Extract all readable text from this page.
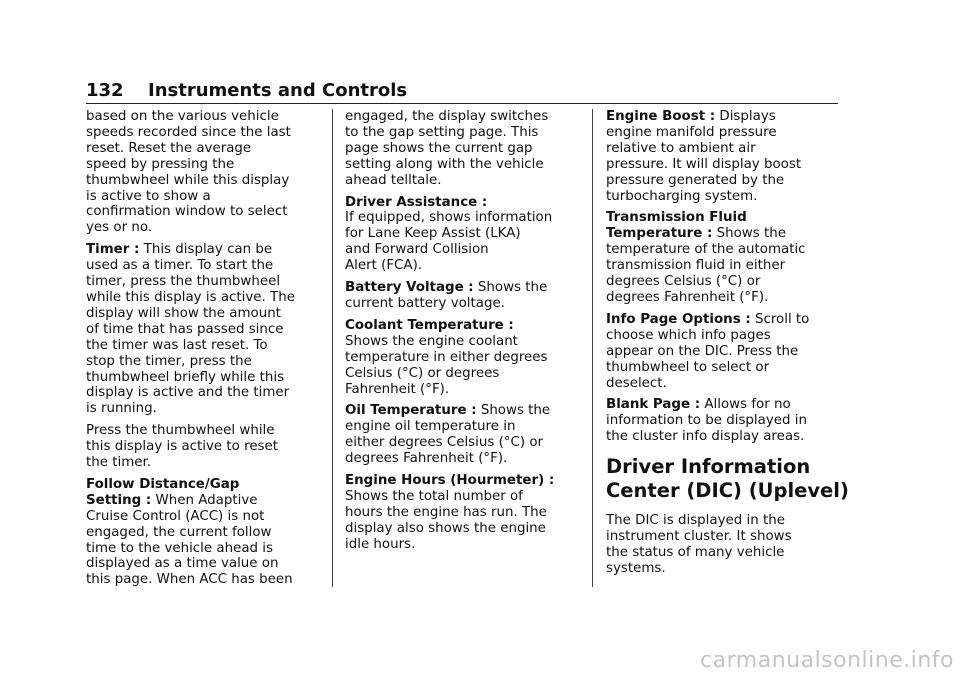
132	Instruments and Controls

based on the various vehicle
speeds recorded since the last
reset. Reset the average
speed by pressing the
thumbwheel while this display
is active to show a
confirmation window to select
yes or no.

Timer : This display can be
used as a timer. To start the
timer, press the thumbwheel
while this display is active. The
display will show the amount
of time that has passed since
the timer was last reset. To
stop the timer, press the
thumbwheel briefly while this
display is active and the timer
is running.

Press the thumbwheel while
this display is active to reset
the timer.

Follow Distance/Gap
Setting : When Adaptive
Cruise Control (ACC) is not
engaged, the current follow
time to the vehicle ahead is
displayed as a time value on
this page. When ACC has been

engaged, the display switches
to the gap setting page. This
page shows the current gap
setting along with the vehicle
ahead telltale.

Driver Assistance :
If equipped, shows information
for Lane Keep Assist (LKA)
and Forward Collision
Alert (FCA).

Battery Voltage : Shows the
current battery voltage.

Coolant Temperature :
Shows the engine coolant
temperature in either degrees
Celsius (°C) or degrees
Fahrenheit (°F).

Oil Temperature : Shows the
engine oil temperature in
either degrees Celsius (°C) or
degrees Fahrenheit (°F).

Engine Hours (Hourmeter) :
Shows the total number of
hours the engine has run. The
display also shows the engine
idle hours.

Engine Boost : Displays
engine manifold pressure
relative to ambient air
pressure. It will display boost
pressure generated by the
turbocharging system.

Transmission Fluid
Temperature : Shows the
temperature of the automatic
transmission fluid in either
degrees Celsius (°C) or
degrees Fahrenheit (°F).

Info Page Options : Scroll to
choose which info pages
appear on the DIC. Press the
thumbwheel to select or
deselect.

Blank Page : Allows for no
information to be displayed in
the cluster info display areas.

Driver Information
Center (DIC) (Uplevel)

The DIC is displayed in the
instrument cluster. It shows
the status of many vehicle
systems.

carmanualsonline.info
